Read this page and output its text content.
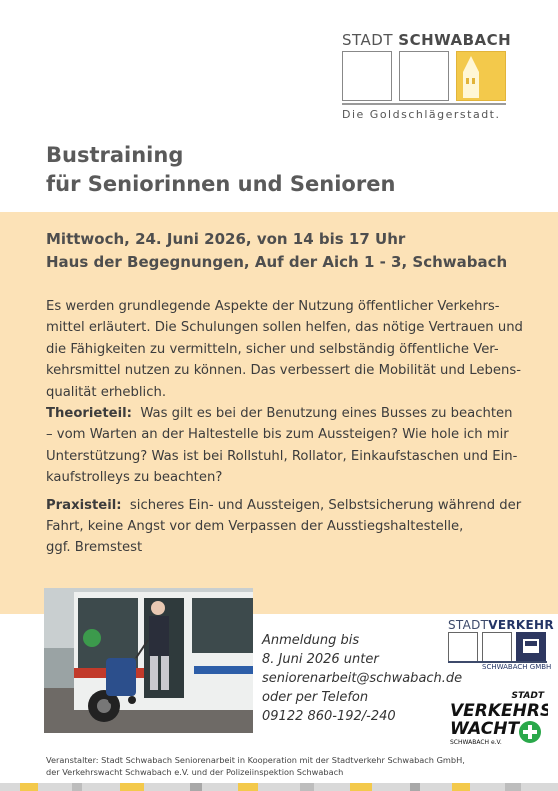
STADT SCHWABACH
Die Goldschlägerstadt.
Bustraining
für Seniorinnen und Senioren
Mittwoch, 24. Juni 2026, von 14 bis 17 Uhr
Haus der Begegnungen, Auf der Aich 1 - 3, Schwabach

Es werden grundlegende Aspekte der Nutzung öffentlicher Verkehrs-

mittel erläutert. Die Schulungen sollen helfen, das nötige Vertrauen und

die Fähigkeiten zu vermitteln, sicher und selbständig öffentliche Ver-

kehrsmittel nutzen zu können. Das verbessert die Mobilität und Lebens-

qualität erheblich.

Theorieteil: Was gilt es bei der Benutzung eines Busses zu beachten

– vom Warten an der Haltestelle bis zum Aussteigen? Wie hole ich mir

Unterstützung? Was ist bei Rollstuhl, Rollator, Einkaufstaschen und Ein-

kaufstrolleys zu beachten?

Praxisteil: sicheres Ein- und Aussteigen, Selbstsicherung während der

Fahrt, keine Angst vor dem Verpassen der Ausstiegshaltestelle,

ggf. Bremstest

Anmeldung bis
8. Juni 2026 unter
seniorenarbeit@schwabach.de
oder per Telefon
09122 860-192/-240
STADTVERKEHR
SCHWABACH GMBH
STADT
VERKEHRS
WACHT
SCHWABACH e.V.
Veranstalter: Stadt Schwabach Seniorenarbeit in Kooperation mit der Stadtverkehr Schwabach GmbH,
der Verkehrswacht Schwabach e.V. und der Polizeiinspektion Schwabach
